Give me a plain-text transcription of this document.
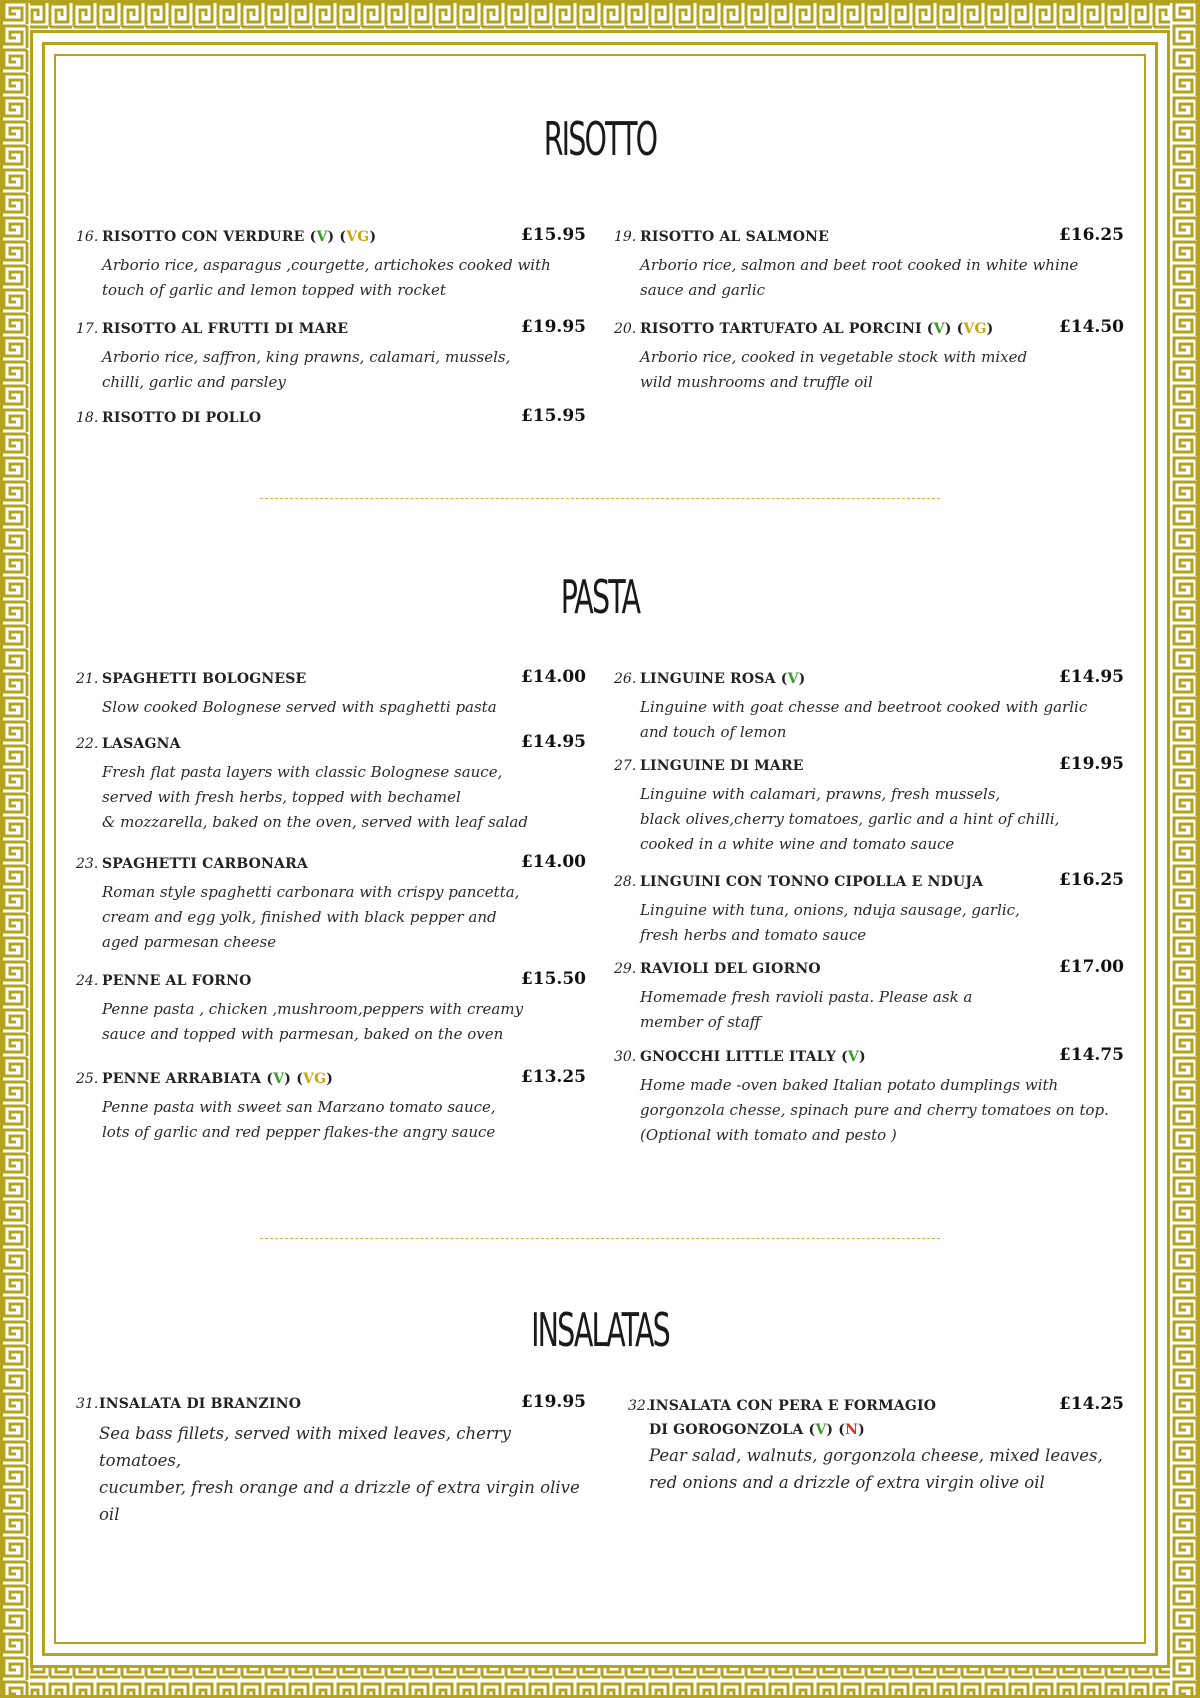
RISOTTO
16. RISOTTO CON VERDURE (V) (VG)	£15.95
Arborio rice, asparagus ,courgette, artichokes cooked with
touch of garlic and lemon topped with rocket
17. RISOTTO AL FRUTTI DI MARE	£19.95
Arborio rice, saffron, king prawns, calamari, mussels,
chilli, garlic and parsley
18. RISOTTO DI POLLO	£15.95
19. RISOTTO AL SALMONE	£16.25
Arborio rice, salmon and beet root cooked in white whine
sauce and garlic
20. RISOTTO TARTUFATO AL PORCINI (V) (VG)	£14.50
Arborio rice, cooked in vegetable stock with mixed
wild mushrooms and truffle oil
PASTA
21. SPAGHETTI BOLOGNESE	£14.00
Slow cooked Bolognese served with spaghetti pasta
22. LASAGNA	£14.95
Fresh flat pasta layers with classic Bolognese sauce,
served with fresh herbs, topped with bechamel
& mozzarella, baked on the oven, served with leaf salad
23. SPAGHETTI CARBONARA	£14.00
Roman style spaghetti carbonara with crispy pancetta,
cream and egg yolk, finished with black pepper and
aged parmesan cheese
24. PENNE AL FORNO	£15.50
Penne pasta , chicken ,mushroom,peppers with creamy
sauce and topped with parmesan, baked on the oven
25. PENNE ARRABIATA (V) (VG)	£13.25
Penne pasta with sweet san Marzano tomato sauce,
lots of garlic and red pepper flakes-the angry sauce
26. LINGUINE ROSA (V)	£14.95
Linguine with goat chesse and beetroot cooked with garlic
and touch of lemon
27. LINGUINE DI MARE	£19.95
Linguine with calamari, prawns, fresh mussels,
black olives,cherry tomatoes, garlic and a hint of chilli,
cooked in a white wine and tomato sauce
28. LINGUINI CON TONNO CIPOLLA E NDUJA	£16.25
Linguine with tuna, onions, nduja sausage, garlic,
fresh herbs and tomato sauce
29. RAVIOLI DEL GIORNO	£17.00
Homemade fresh ravioli pasta. Please ask a
member of staff
30. GNOCCHI LITTLE ITALY (V)	£14.75
Home made -oven baked Italian potato dumplings with
gorgonzola chesse, spinach pure and cherry tomatoes on top.
(Optional with tomato and pesto )
INSALATAS
31. INSALATA DI BRANZINO	£19.95
Sea bass fillets, served with mixed leaves, cherry tomatoes,
cucumber, fresh orange and a drizzle of extra virgin olive oil
32.
INSALATA CON PERA E FORMAGIO
DI GOROGONZOLA (V) (N)
£14.25
Pear salad, walnuts, gorgonzola cheese, mixed leaves,
red onions and a drizzle of extra virgin olive oil
